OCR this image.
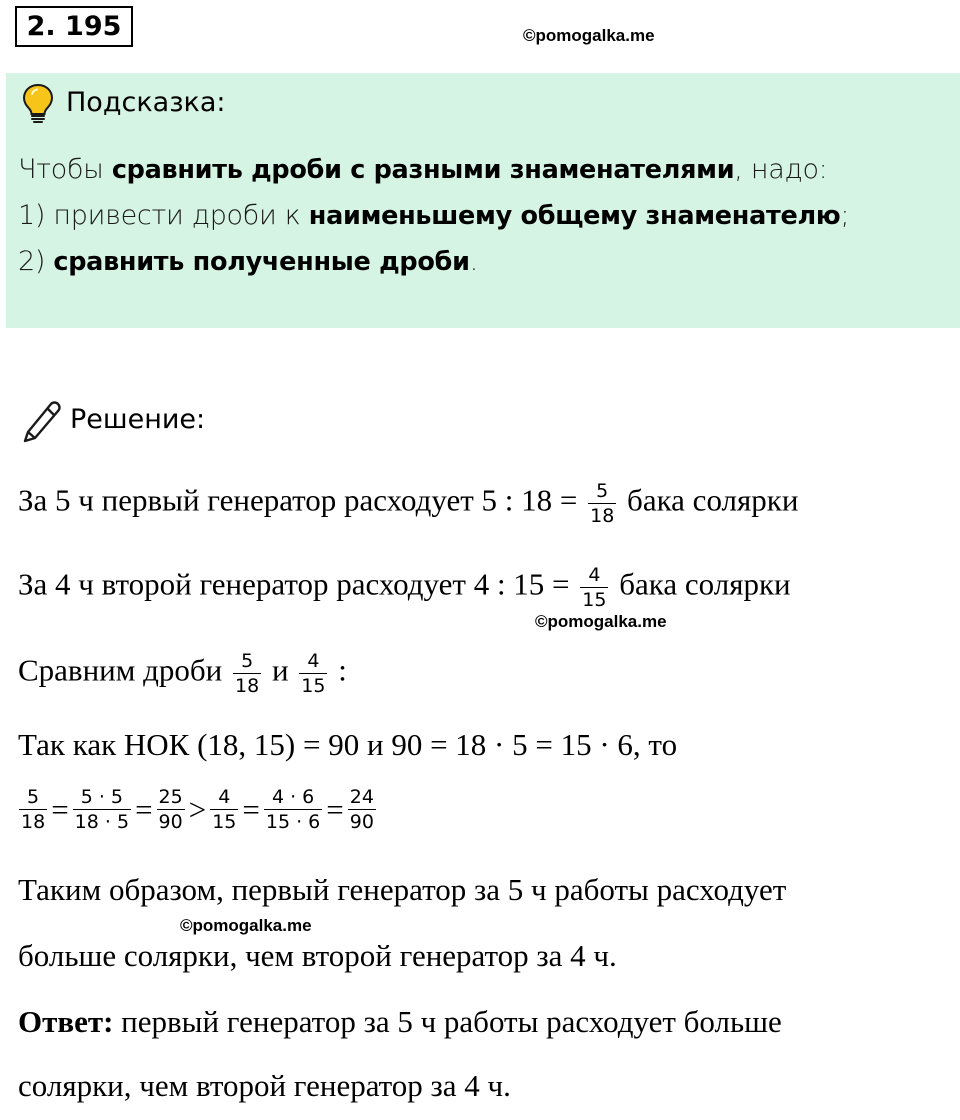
2. 195	©pomogalka.me
Подсказка:
Чтобы сравнить дроби с разными знаменателями, надо:
1) привести дроби к наименьшему общему знаменателю;
2) сравнить полученные дроби.
Решение:
За 5 ч первый генератор расходует 5 : $18 = \frac{5}{18}$ бака солярки
За 4 ч второй генератор расходует 4 : $15 = \frac{4}{15}$ бака солярки
©pomogalka.me
Сравним дроби $\frac{5}{18}$ и $\frac{4}{15}$ :
Так как НОК (18, 15) = 90 и 90 = 18 · 5 = 15 · 6, то
$\frac{5}{18} = \frac{5 \cdot 5}{18 \cdot 5} = \frac{25}{90} > \frac{4}{15} = \frac{4 \cdot 6}{15 \cdot 6} = \frac{24}{90}$
Таким образом, первый генератор за 5 ч работы расходует
©pomogalka.me
больше солярки, чем второй генератор за 4 ч.
Ответ: первый генератор за 5 ч работы расходует больше
солярки, чем второй генератор за 4 ч.
